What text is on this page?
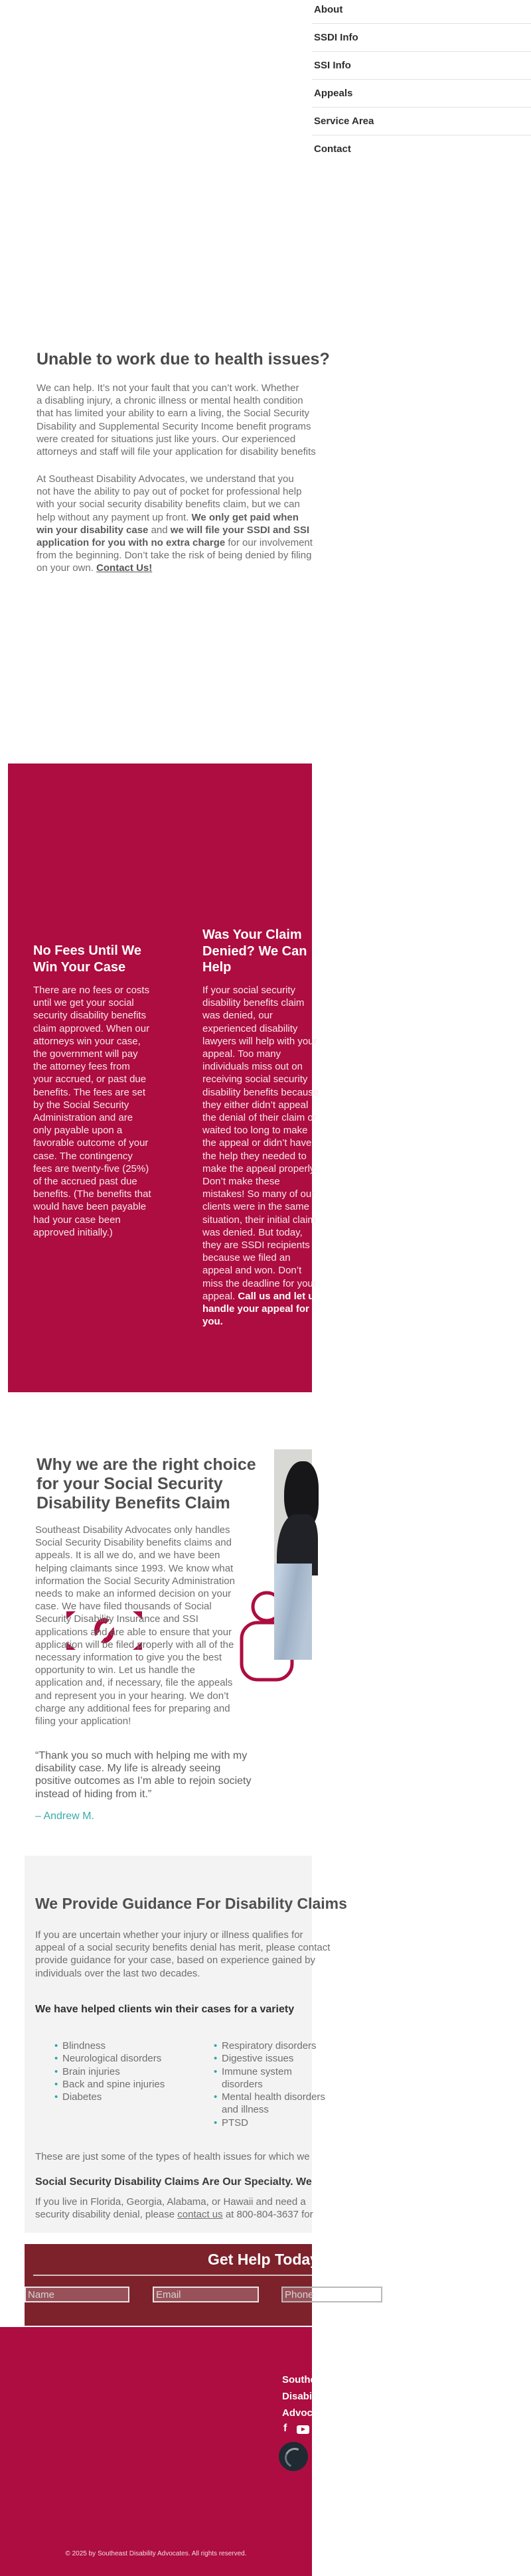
About
SSDI Info
SSI Info
Appeals
Service Area
Contact
Unable to work due to health issues?
We can help. It’s not your fault that you can’t work. Whether
a disabling injury, a chronic illness or mental health condition
that has limited your ability to earn a living, the Social Security
Disability and Supplemental Security Income benefit programs
were created for situations just like yours. Our experienced
attorneys and staff will file your application for disability benefits
At Southeast Disability Advocates, we understand that you
not have the ability to pay out of pocket for professional help
with your social security disability benefits claim, but we can
help without any payment up front. We only get paid when
win your disability case and we will file your SSDI and SSI
application for you with no extra charge for our involvement
from the beginning. Don’t take the risk of being denied by filing
on your own. Contact Us!
No Fees Until We
Win Your Case
Was Your Claim
Denied? We Can
Help
There are no fees or costs
until we get your social
security disability benefits
claim approved. When our
attorneys win your case,
the government will pay
the attorney fees from
your accrued, or past due
benefits. The fees are set
by the Social Security
Administration and are
only payable upon a
favorable outcome of your
case. The contingency
fees are twenty-five (25%)
of the accrued past due
benefits. (The benefits that
would have been payable
had your case been
approved initially.)
If your social security
disability benefits claim
was denied, our
experienced disability
lawyers will help with your
appeal. Too many
individuals miss out on
receiving social security
disability benefits because
they either didn’t appeal
the denial of their claim or
waited too long to make
the appeal or didn’t have
the help they needed to
make the appeal properly.
Don’t make these
mistakes! So many of our
clients were in the same
situation, their initial claim
was denied. But today,
they are SSDI recipients
because we filed an
appeal and won. Don’t
miss the deadline for your
appeal. Call us and let us
handle your appeal for
you.
Why we are the right choice
for your Social Security
Disability Benefits Claim
Southeast Disability Advocates only handles
Social Security Disability benefits claims and
appeals. It is all we do, and we have been
helping claimants since 1993. We know what
information the Social Security Administration
needs to make an informed decision on your
case. We have filed thousands of Social
Security Disability Insurance and SSI
applications and are able to ensure that your
application will be filed properly with all of the
necessary information to give you the best
opportunity to win. Let us handle the
application and, if necessary, file the appeals
and represent you in your hearing. We don’t
charge any additional fees for preparing and
filing your application!
“Thank you so much with helping me with my
disability case. My life is already seeing
positive outcomes as I’m able to rejoin society
instead of hiding from it.”
– Andrew M.
We Provide Guidance For Disability Claims
If you are uncertain whether your injury or illness qualifies for
appeal of a social security benefits denial has merit, please contact
provide guidance for your case, based on experience gained by
individuals over the last two decades.
We have helped clients win their cases for a variety
• Blindness
• Neurological disorders
• Brain injuries
• Back and spine injuries
• Diabetes
• Respiratory disorders
• Digestive issues
• Immune system
disorders
• Mental health disorders
and illness
• PTSD
These are just some of the types of health issues for which we
Social Security Disability Claims Are Our Specialty. We
If you live in Florida, Georgia, Alabama, or Hawaii and need a
security disability denial, please contact us at 800-804-3637 for
Get Help Today
Name
Email
Phone
Southeast
Disability
Advocates
f
© 2025 by Southeast Disability Advocates. All rights reserved.
